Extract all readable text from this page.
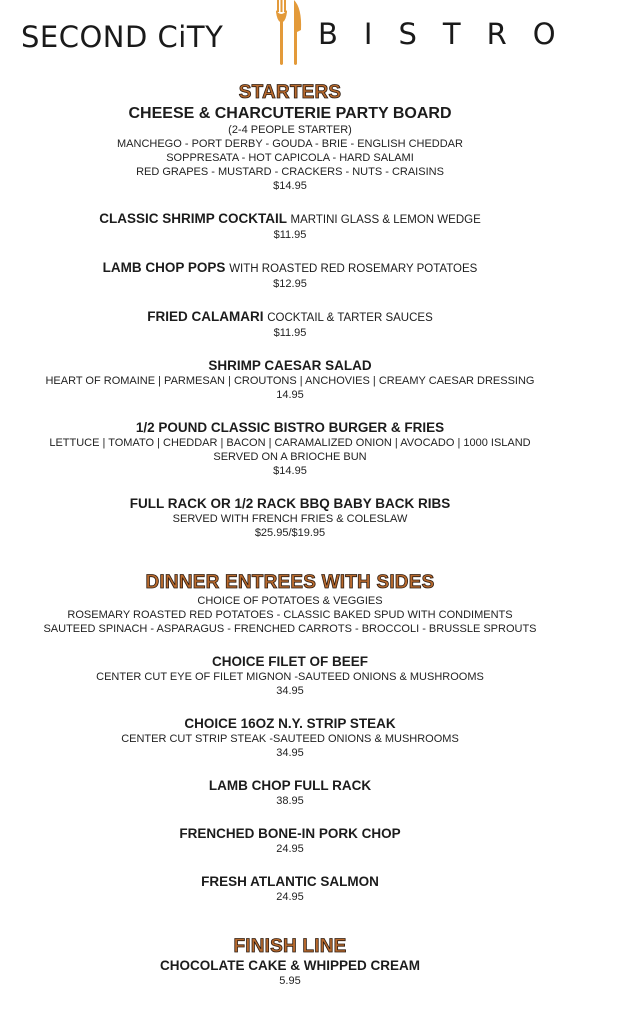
SECOND CiTY	BISTRO
STARTERS
CHEESE & CHARCUTERIE PARTY BOARD
(2-4 PEOPLE STARTER)
MANCHEGO - PORT DERBY - GOUDA - BRIE - ENGLISH CHEDDAR
SOPPRESATA - HOT CAPICOLA - HARD SALAMI
RED GRAPES - MUSTARD - CRACKERS - NUTS - CRAISINS
$14.95
CLASSIC SHRIMP COCKTAIL MARTINI GLASS & LEMON WEDGE
$11.95
LAMB CHOP POPS WITH ROASTED RED ROSEMARY POTATOES
$12.95
FRIED CALAMARI COCKTAIL & TARTER SAUCES
$11.95
SHRIMP CAESAR SALAD
HEART OF ROMAINE | PARMESAN | CROUTONS | ANCHOVIES | CREAMY CAESAR DRESSING
14.95
1/2 POUND CLASSIC BISTRO BURGER & FRIES
LETTUCE | TOMATO | CHEDDAR | BACON | CARAMALIZED ONION | AVOCADO | 1000 ISLAND
SERVED ON A BRIOCHE BUN
$14.95
FULL RACK OR 1/2 RACK BBQ BABY BACK RIBS
SERVED WITH FRENCH FRIES & COLESLAW
$25.95/$19.95
DINNER ENTREES WITH SIDES
CHOICE OF POTATOES & VEGGIES
ROSEMARY ROASTED RED POTATOES - CLASSIC BAKED SPUD WITH CONDIMENTS
SAUTEED SPINACH - ASPARAGUS - FRENCHED CARROTS - BROCCOLI - BRUSSLE SPROUTS
CHOICE FILET OF BEEF
CENTER CUT EYE OF FILET MIGNON -SAUTEED ONIONS & MUSHROOMS
34.95
CHOICE 16OZ N.Y. STRIP STEAK
CENTER CUT STRIP STEAK -SAUTEED ONIONS & MUSHROOMS
34.95
LAMB CHOP FULL RACK
38.95
FRENCHED BONE-IN PORK CHOP
24.95
FRESH ATLANTIC SALMON
24.95
FINISH LINE
CHOCOLATE CAKE & WHIPPED CREAM
5.95
